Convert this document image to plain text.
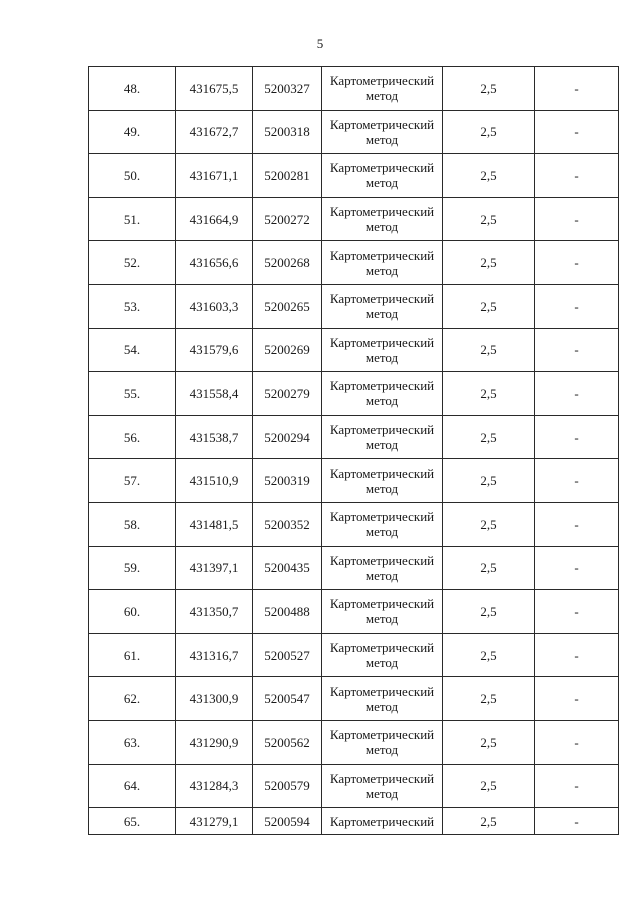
5
48.	431675,5	5200327	Картометрический метод	2,5	-
49.	431672,7	5200318	Картометрический метод	2,5	-
50.	431671,1	5200281	Картометрический метод	2,5	-
51.	431664,9	5200272	Картометрический метод	2,5	-
52.	431656,6	5200268	Картометрический метод	2,5	-
53.	431603,3	5200265	Картометрический метод	2,5	-
54.	431579,6	5200269	Картометрический метод	2,5	-
55.	431558,4	5200279	Картометрический метод	2,5	-
56.	431538,7	5200294	Картометрический метод	2,5	-
57.	431510,9	5200319	Картометрический метод	2,5	-
58.	431481,5	5200352	Картометрический метод	2,5	-
59.	431397,1	5200435	Картометрический метод	2,5	-
60.	431350,7	5200488	Картометрический метод	2,5	-
61.	431316,7	5200527	Картометрический метод	2,5	-
62.	431300,9	5200547	Картометрический метод	2,5	-
63.	431290,9	5200562	Картометрический метод	2,5	-
64.	431284,3	5200579	Картометрический метод	2,5	-
65.	431279,1	5200594	Картометрический	2,5	-
